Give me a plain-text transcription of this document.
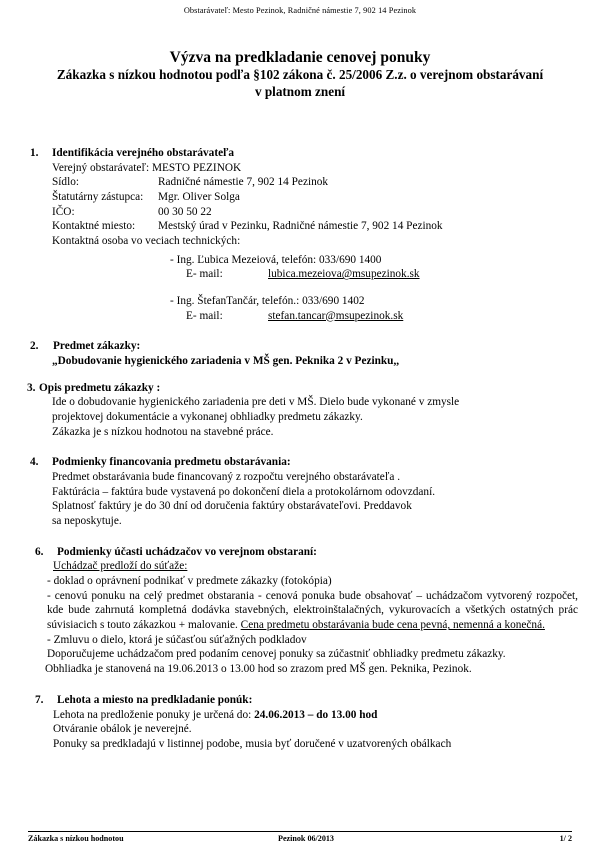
Obstarávateľ: Mesto Pezinok, Radničné námestie 7, 902 14 Pezinok
Výzva na predkladanie cenovej ponuky
Zákazka s nízkou hodnotou podľa §102 zákona č. 25/2006 Z.z. o verejnom obstarávaní
v platnom znení
1. Identifikácia verejného obstarávateľa
Verejný obstarávateľ: MESTO PEZINOK
Sídlo:	Radničné námestie 7, 902 14 Pezinok
Štatutárny zástupca:	Mgr. Oliver Solga
IČO:	00 30 50 22
Kontaktné miesto:	Mestský úrad v Pezinku, Radničné námestie 7, 902 14 Pezinok
Kontaktná osoba vo veciach technických:
- Ing. Ľubica Mezeiová, telefón: 033/690 1400
E- mail:	lubica.mezeiova@msupezinok.sk
- Ing. ŠtefanTančár, telefón.: 033/690 1402
E- mail:	stefan.tancar@msupezinok.sk
2. Predmet zákazky:
„Dobudovanie hygienického zariadenia v MŠ gen. Peknika 2 v Pezinku,,
3. Opis predmetu zákazky :
Ide o dobudovanie hygienického zariadenia pre deti v MŠ. Dielo bude vykonané v zmysle
projektovej dokumentácie a vykonanej obhliadky predmetu zákazky.
Zákazka je s nízkou hodnotou na stavebné práce.
4. Podmienky financovania predmetu obstarávania:
Predmet obstarávania bude financovaný z rozpočtu verejného obstarávateľa .
Faktúrácia – faktúra bude vystavená po dokončení diela a protokolárnom odovzdaní.
Splatnosť faktúry je do 30 dní od doručenia faktúry obstarávateľovi. Preddavok
sa neposkytuje.
6. Podmienky účasti uchádzačov vo verejnom obstaraní:
Uchádzač predloží do súťaže:

- doklad o oprávnení podnikať v predmete zákazky (fotokópia)

- cenovú ponuku na celý predmet obstarania - cenová ponuka bude obsahovať – uchádzačom vytvorený rozpočet, kde bude zahrnutá kompletná dodávka stavebných, elektroinštalačných, vykurovacích a všetkých ostatných prác súvisiacich s touto zákazkou + malovanie. Cena predmetu obstarávania bude cena pevná, nemenná a konečná.

- Zmluvu o dielo, ktorá je súčasťou súťažných podkladov

Doporučujeme uchádzačom pred podaním cenovej ponuky sa zúčastniť obhliadky predmetu zákazky.

Obhliadka je stanovená na 19.06.2013 o 13.00 hod so zrazom pred MŠ gen. Peknika, Pezinok.
7. Lehota a miesto na predkladanie ponúk:
Lehota na predloženie ponuky je určená do: 24.06.2013 – do 13.00 hod
Otváranie obálok je neverejné.
Ponuky sa predkladajú v listinnej podobe, musia byť doručené v uzatvorených obálkach
Zákazka s nízkou hodnotou	Pezinok 06/2013	1/ 2
